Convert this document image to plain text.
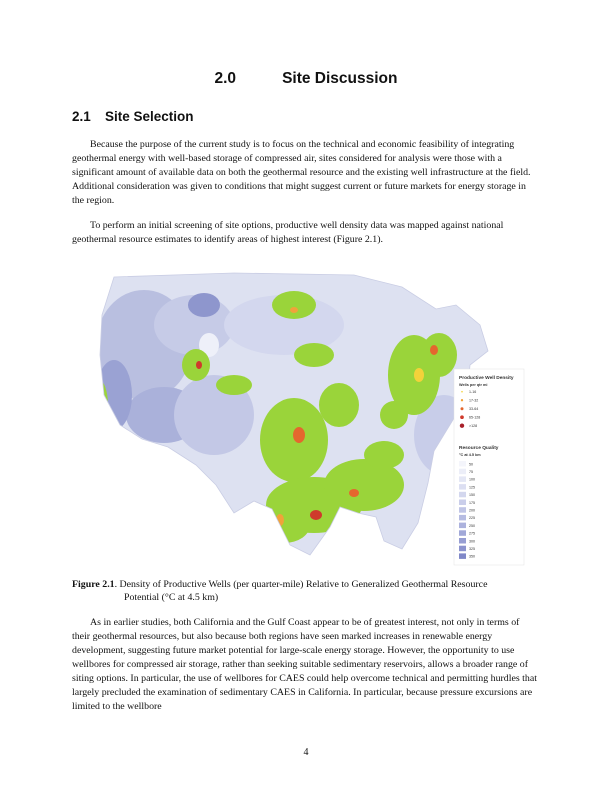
2.0	Site Discussion
2.1 Site Selection

Because the purpose of the current study is to focus on the technical and economic feasibility of integrating geothermal energy with well-based storage of compressed air, sites considered for analysis were those with a significant amount of available data on both the geothermal resource and the existing well infrastructure at the field. Additional consideration was given to conditions that might suggest current or future markets for energy storage in the region.

To perform an initial screening of site options, productive well density data was mapped against national geothermal resource estimates to identify areas of highest interest (Figure 2.1).

Productive Well Density
Wells per qtr mi
1-16
17-32
33-64
65-128
>128
Resource Quality
°C at 4.5 km
50
75
100
125
150
175
200
225
250
275
300
325
350
Figure 2.1. Density of Productive Wells (per quarter-mile) Relative to Generalized Geothermal Resource
Potential (°C at 4.5 km)

As in earlier studies, both California and the Gulf Coast appear to be of greatest interest, not only in terms of their geothermal resources, but also because both regions have seen marked increases in renewable energy development, suggesting future market potential for large-scale energy storage. However, the opportunity to use wellbores for compressed air storage, rather than seeking suitable sedimentary reservoirs, allows a broader range of siting options. In particular, the use of wellbores for CAES could help overcome technical and permitting hurdles that largely precluded the examination of sedimentary CAES in California. In particular, because pressure excursions are limited to the wellbore

4
